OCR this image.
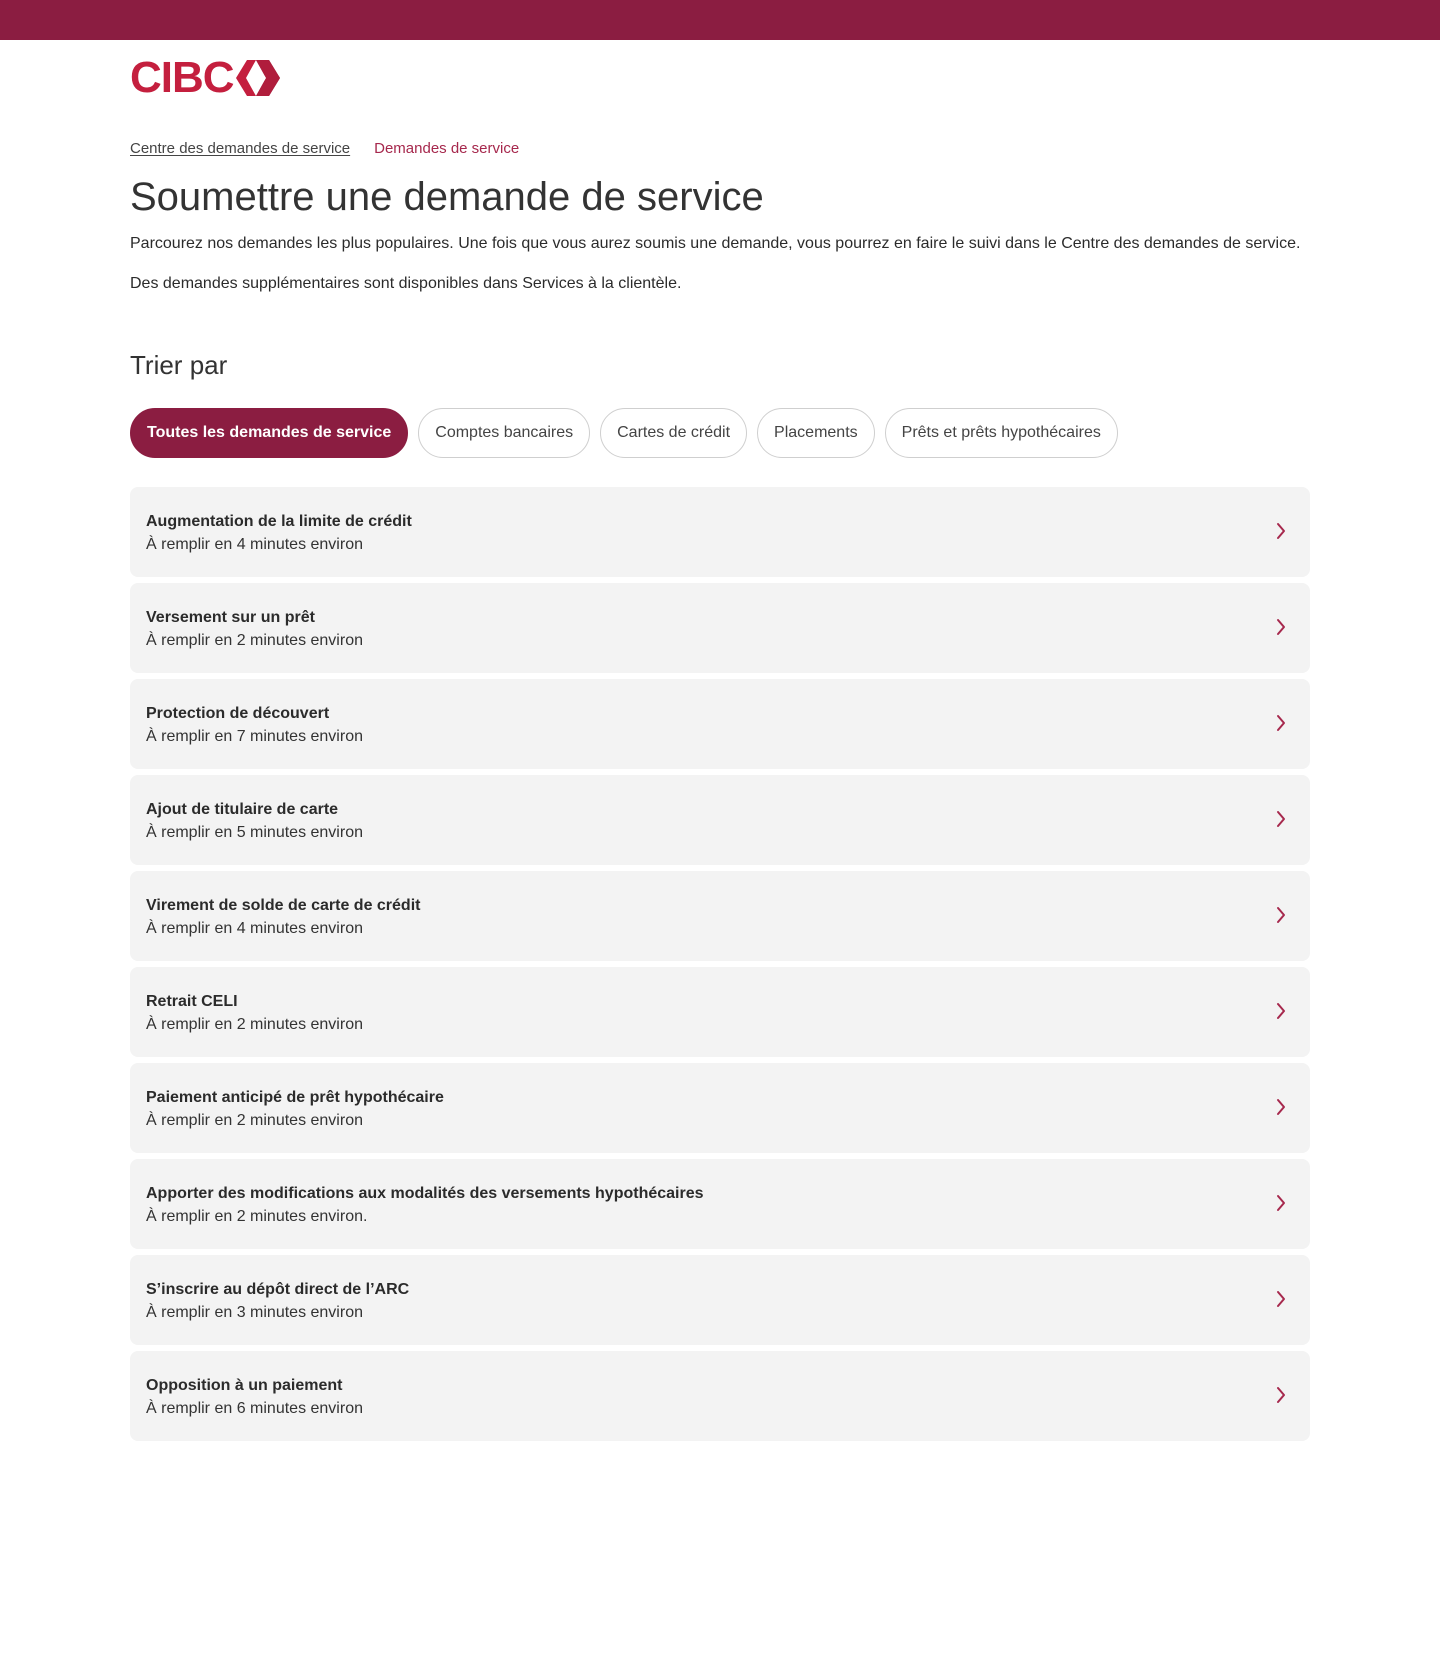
CIBC
Centre des demandes de service Demandes de service
Soumettre une demande de service

Parcourez nos demandes les plus populaires. Une fois que vous aurez soumis une demande, vous pourrez en faire le suivi dans le Centre des demandes de service.

Des demandes supplémentaires sont disponibles dans Services à la clientèle.

Trier par
Toutes les demandes de service	Comptes bancaires	Cartes de crédit	Placements	Prêts et prêts hypothécaires
Augmentation de la limite de crédit
À remplir en 4 minutes environ
Versement sur un prêt
À remplir en 2 minutes environ
Protection de découvert
À remplir en 7 minutes environ
Ajout de titulaire de carte
À remplir en 5 minutes environ
Virement de solde de carte de crédit
À remplir en 4 minutes environ
Retrait CELI
À remplir en 2 minutes environ
Paiement anticipé de prêt hypothécaire
À remplir en 2 minutes environ
Apporter des modifications aux modalités des versements hypothécaires
À remplir en 2 minutes environ.
S’inscrire au dépôt direct de l’ARC
À remplir en 3 minutes environ
Opposition à un paiement
À remplir en 6 minutes environ
